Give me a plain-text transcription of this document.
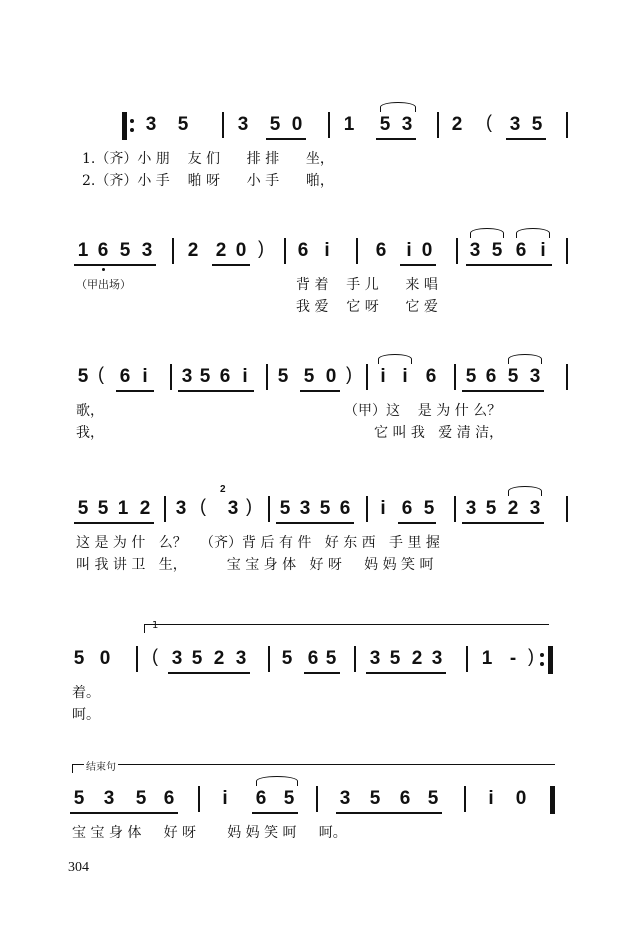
3 5	3 5 0 1 5 3 2 ( 3 5
1.（齐）小 朋    友 们      排 排      坐，
2.（齐）小 手    啪 呀      小 手      啪，
1 6 5 3 2 2 0 ) 6 i 6 i 0 3 5 6 i
（甲出场）	背 着    手 儿      来 唱
我 爱    它 呀      它 爱
5 ( 6 i 3 5 6 i 5 5 0 ) i i 6 5 6 5 3
歌，
我，
（甲）这    是 为 什 么？
它 叫 我   爱 清 洁，
5 5 1 2 3 (
2
3 ) 5 3 5 6 i 6 5 3 5 2 3
这 是 为 什   么？   （齐）背 后 有 件   好 东 西   手 里 握
叫 我 讲 卫   生，         宝 宝 身 体   好 呀     妈 妈 笑 呵
1
5 0 ( 3 5 2 3 5 6 5 3 5 2 3 1 - )
着。
呵。
结束句
5 3 5 6	i 6 5 3 5 6 5	i 0
宝 宝 身 体     好 呀       妈 妈 笑 呵     呵。
304
